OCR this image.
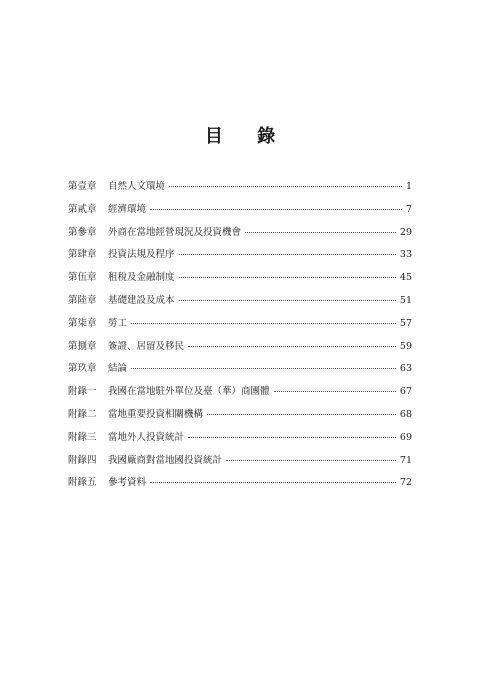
目 錄
第壹章	自然人文環境	1
第貳章	經濟環境	7
第參章	外商在當地經營現況及投資機會	29
第肆章	投資法規及程序	33
第伍章	租稅及金融制度	45
第陸章	基礎建設及成本	51
第柒章	勞工	57
第捌章	簽證、居留及移民	59
第玖章	結論	63
附錄一	我國在當地駐外單位及臺（華）商團體	67
附錄二	當地重要投資相關機構	68
附錄三	當地外人投資統計	69
附錄四	我國廠商對當地國投資統計	71
附錄五	參考資料	72
